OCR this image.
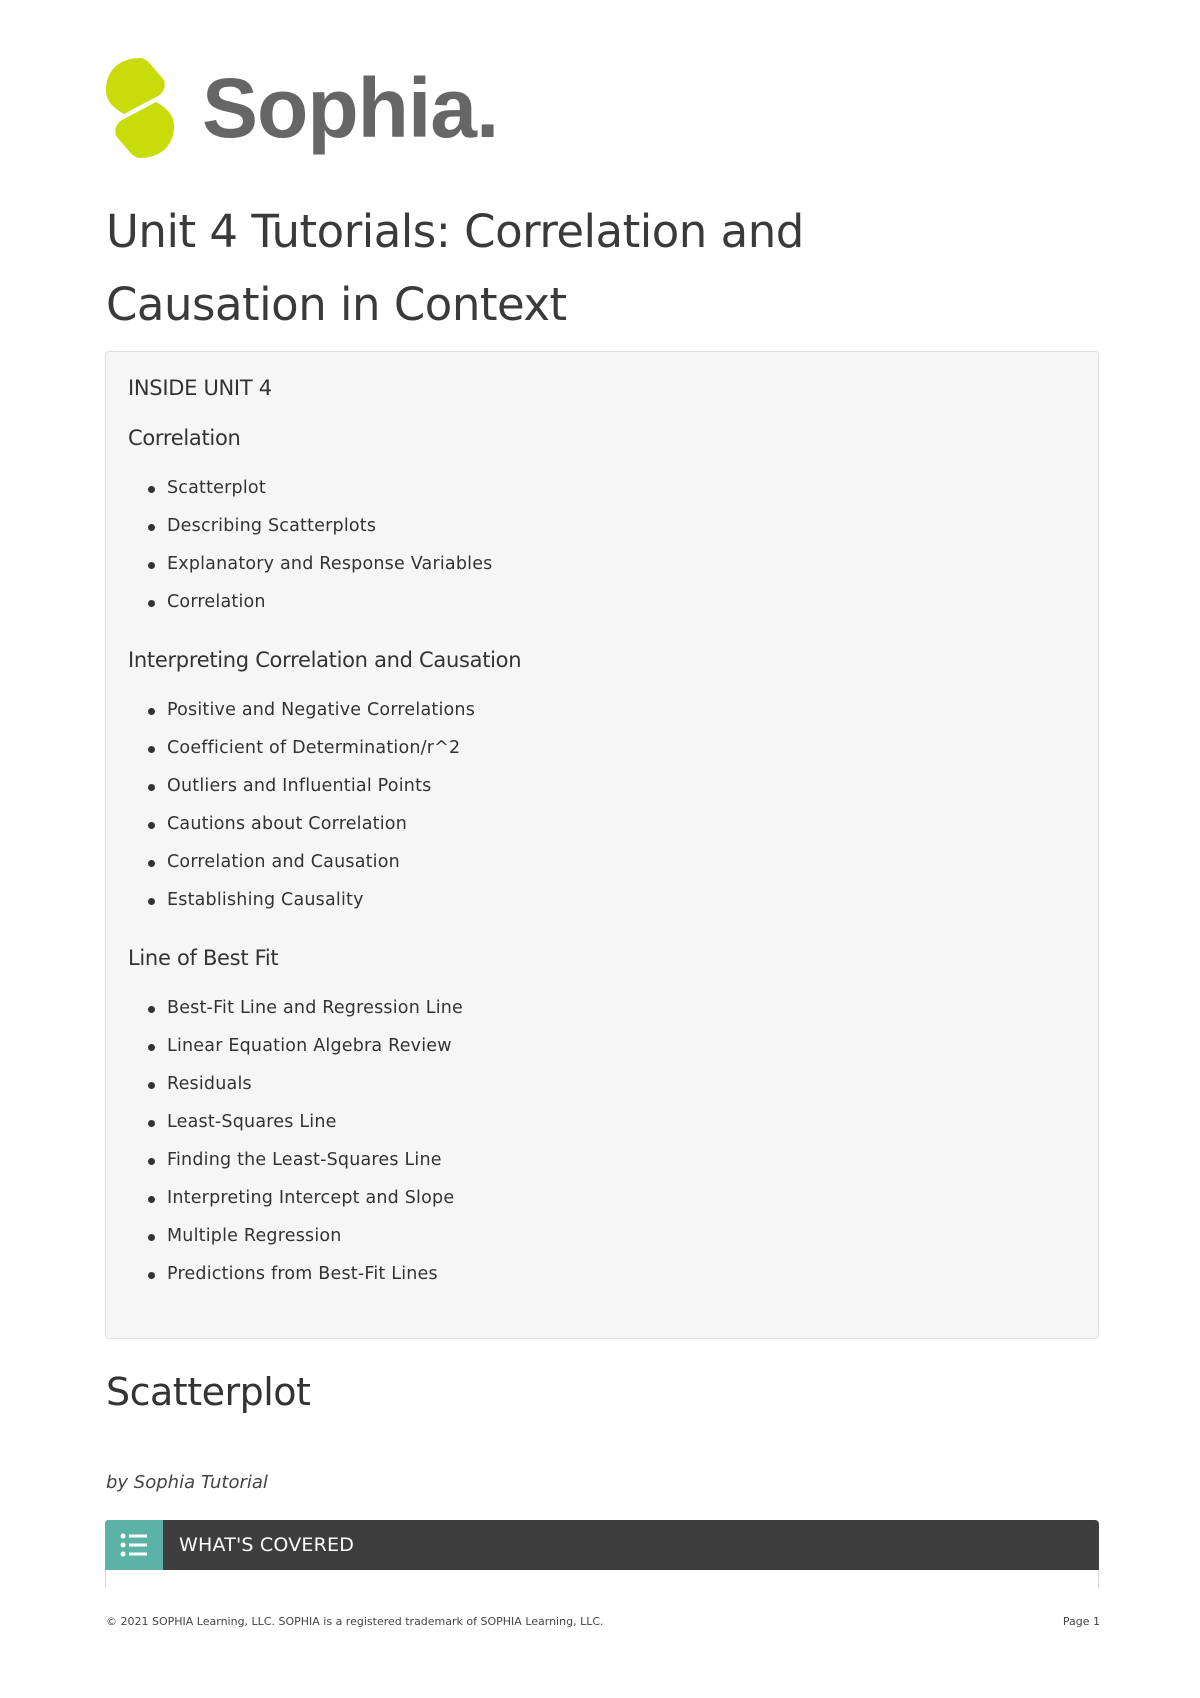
Sophia.
Unit 4 Tutorials: Correlation and Causation in Context
INSIDE UNIT 4
Correlation
Scatterplot
Describing Scatterplots
Explanatory and Response Variables
Correlation
Interpreting Correlation and Causation
Positive and Negative Correlations
Coefficient of Determination/r^2
Outliers and Influential Points
Cautions about Correlation
Correlation and Causation
Establishing Causality
Line of Best Fit
Best-Fit Line and Regression Line
Linear Equation Algebra Review
Residuals
Least-Squares Line
Finding the Least-Squares Line
Interpreting Intercept and Slope
Multiple Regression
Predictions from Best-Fit Lines
Scatterplot

by Sophia Tutorial

WHAT'S COVERED
© 2021 SOPHIA Learning, LLC. SOPHIA is a registered trademark of SOPHIA Learning, LLC.	Page 1
